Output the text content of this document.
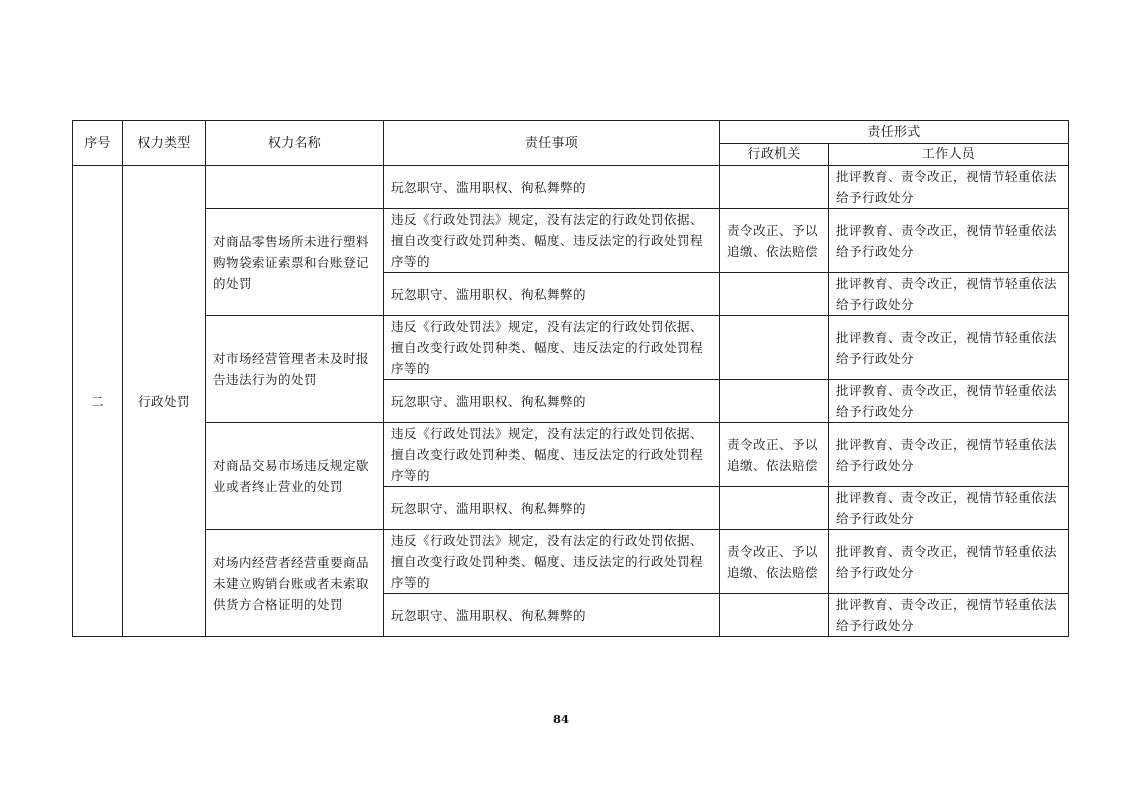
序号	权力类型	权力名称	责任事项	责任形式	
				行政机关	工作人员
二	行政处罚		玩忽职守、滥用职权、徇私舞弊的		批评教育、责令改正，视情节轻重依法给予行政处分
		对商品零售场所未进行塑料购物袋索证索票和台账登记的处罚	违反《行政处罚法》规定，没有法定的行政处罚依据、擅自改变行政处罚种类、幅度、违反法定的行政处罚程序等的	责令改正、予以追缴、依法赔偿	批评教育、责令改正，视情节轻重依法给予行政处分
			玩忽职守、滥用职权、徇私舞弊的		批评教育、责令改正，视情节轻重依法给予行政处分
		对市场经营管理者未及时报告违法行为的处罚	违反《行政处罚法》规定，没有法定的行政处罚依据、擅自改变行政处罚种类、幅度、违反法定的行政处罚程序等的		批评教育、责令改正，视情节轻重依法给予行政处分
			玩忽职守、滥用职权、徇私舞弊的		批评教育、责令改正，视情节轻重依法给予行政处分
		对商品交易市场违反规定歇业或者终止营业的处罚	违反《行政处罚法》规定，没有法定的行政处罚依据、擅自改变行政处罚种类、幅度、违反法定的行政处罚程序等的	责令改正、予以追缴、依法赔偿	批评教育、责令改正，视情节轻重依法给予行政处分
			玩忽职守、滥用职权、徇私舞弊的		批评教育、责令改正，视情节轻重依法给予行政处分
		对场内经营者经营重要商品未建立购销台账或者未索取供货方合格证明的处罚	违反《行政处罚法》规定，没有法定的行政处罚依据、擅自改变行政处罚种类、幅度、违反法定的行政处罚程序等的	责令改正、予以追缴、依法赔偿	批评教育、责令改正，视情节轻重依法给予行政处分
			玩忽职守、滥用职权、徇私舞弊的		批评教育、责令改正，视情节轻重依法给予行政处分
84
